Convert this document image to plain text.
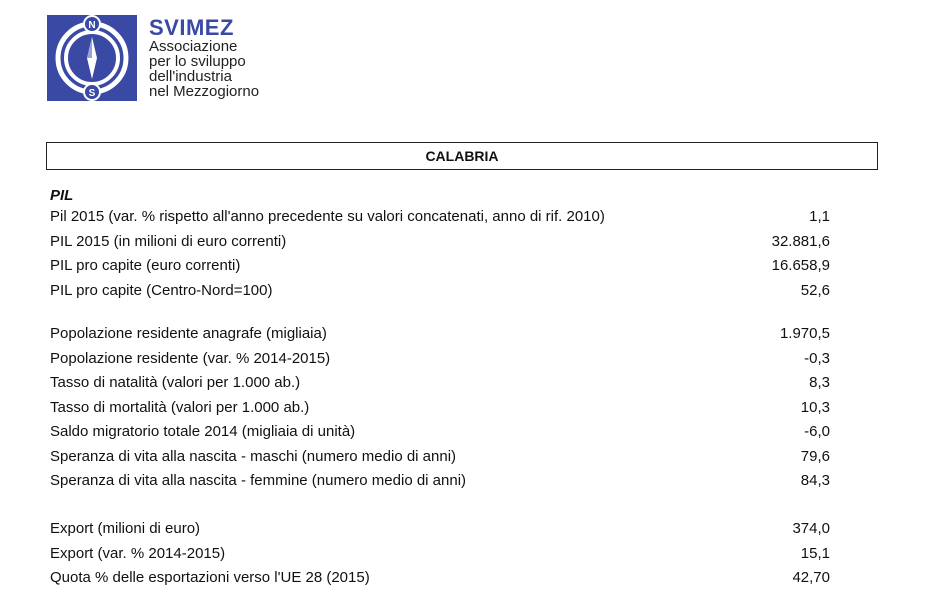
N
S
SVIMEZ
Associazione
per lo sviluppo
dell'industria
nel Mezzogiorno
CALABRIA
PIL
Pil 2015 (var. % rispetto all'anno precedente su valori concatenati, anno di rif. 2010)	1,1
PIL 2015 (in milioni di euro correnti)	32.881,6
PIL pro capite (euro correnti)	16.658,9
PIL pro capite (Centro-Nord=100)	52,6
Popolazione residente anagrafe (migliaia)	1.970,5
Popolazione residente (var. % 2014-2015)	-0,3
Tasso di natalità (valori per 1.000 ab.)	8,3
Tasso di mortalità (valori per 1.000 ab.)	10,3
Saldo migratorio totale 2014 (migliaia di unità)	-6,0
Speranza di vita alla nascita - maschi (numero medio di anni)	79,6
Speranza di vita alla nascita - femmine (numero medio di anni)	84,3
Export (milioni di euro)	374,0
Export (var. % 2014-2015)	15,1
Quota % delle esportazioni verso l'UE 28 (2015)	42,70
